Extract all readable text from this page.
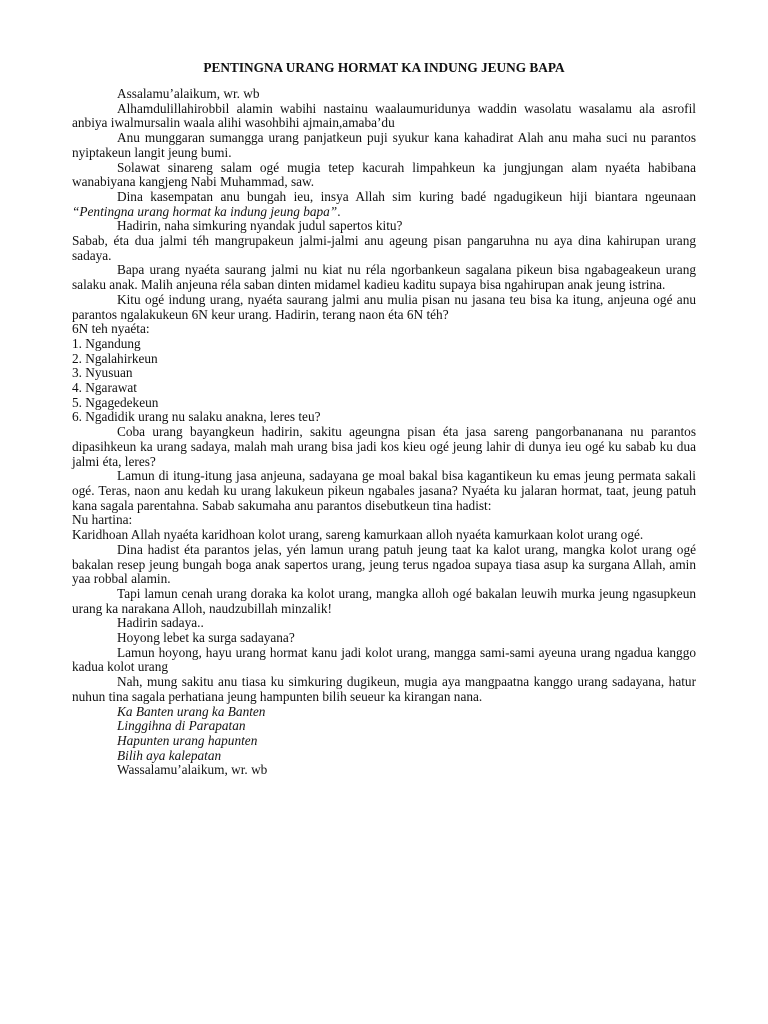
PENTINGNA URANG HORMAT KA INDUNG JEUNG BAPA

Assalamu’alaikum, wr. wb

Alhamdulillahirobbil alamin wabihi nastainu waalaumuridunya waddin wasolatu wasalamu ala asrofil anbiya iwalmursalin waala alihi wasohbihi ajmain,amaba’du

Anu munggaran sumangga urang panjatkeun puji syukur kana kahadirat Alah anu maha suci nu parantos nyiptakeun langit jeung bumi.

Solawat sinareng salam ogé mugia tetep kacurah limpahkeun ka jungjungan alam nyaéta habibana wanabiyana kangjeng Nabi Muhammad, saw.

Dina kasempatan anu bungah ieu, insya Allah sim kuring badé ngadugikeun hiji biantara ngeunaan “Pentingna urang hormat ka indung jeung bapa”.

Hadirin, naha simkuring nyandak judul sapertos kitu?

Sabab, éta dua jalmi téh mangrupakeun jalmi-jalmi anu ageung pisan pangaruhna nu aya dina kahirupan urang sadaya.

Bapa urang nyaéta saurang jalmi nu kiat nu réla ngorbankeun sagalana pikeun bisa ngabageakeun urang salaku anak. Malih anjeuna réla saban dinten midamel kadieu kaditu supaya bisa ngahirupan anak jeung istrina.

Kitu ogé indung urang, nyaéta saurang jalmi anu mulia pisan nu jasana teu bisa ka itung, anjeuna ogé anu parantos ngalakukeun 6N keur urang. Hadirin, terang naon éta 6N téh?

6N teh nyaéta:

1. Ngandung

2. Ngalahirkeun

3. Nyusuan

4. Ngarawat

5. Ngagedekeun

6. Ngadidik urang nu salaku anakna, leres teu?

Coba urang bayangkeun hadirin, sakitu ageungna pisan éta jasa sareng pangorbananana nu parantos dipasihkeun ka urang sadaya, malah mah urang bisa jadi kos kieu ogé jeung lahir di dunya ieu ogé ku sabab ku dua jalmi éta, leres?

Lamun di itung-itung jasa anjeuna, sadayana ge moal bakal bisa kagantikeun ku emas jeung permata sakali ogé. Teras, naon anu kedah ku urang lakukeun pikeun ngabales jasana? Nyaéta ku jalaran hormat, taat, jeung patuh kana sagala parentahna. Sabab sakumaha anu parantos disebutkeun tina hadist:

Nu hartina:

Karidhoan Allah nyaéta karidhoan kolot urang, sareng kamurkaan alloh nyaéta kamurkaan kolot urang ogé.

Dina hadist éta parantos jelas, yén lamun urang patuh jeung taat ka kalot urang, mangka kolot urang ogé bakalan resep jeung bungah boga anak sapertos urang, jeung terus ngadoa supaya tiasa asup ka surgana Allah, amin yaa robbal alamin.

Tapi lamun cenah urang doraka ka kolot urang, mangka alloh ogé bakalan leuwih murka jeung ngasupkeun urang ka narakana Alloh, naudzubillah minzalik!

Hadirin sadaya..

Hoyong lebet ka surga sadayana?

Lamun hoyong, hayu urang hormat kanu jadi kolot urang, mangga sami-sami ayeuna urang ngadua kanggo kadua kolot urang

Nah, mung sakitu anu tiasa ku simkuring dugikeun, mugia aya mangpaatna kanggo urang sadayana, hatur nuhun tina sagala perhatiana jeung hampunten bilih seueur ka kirangan nana.

Ka Banten urang ka Banten

Linggihna di Parapatan

Hapunten urang hapunten

Bilih aya kalepatan

Wassalamu’alaikum, wr. wb
